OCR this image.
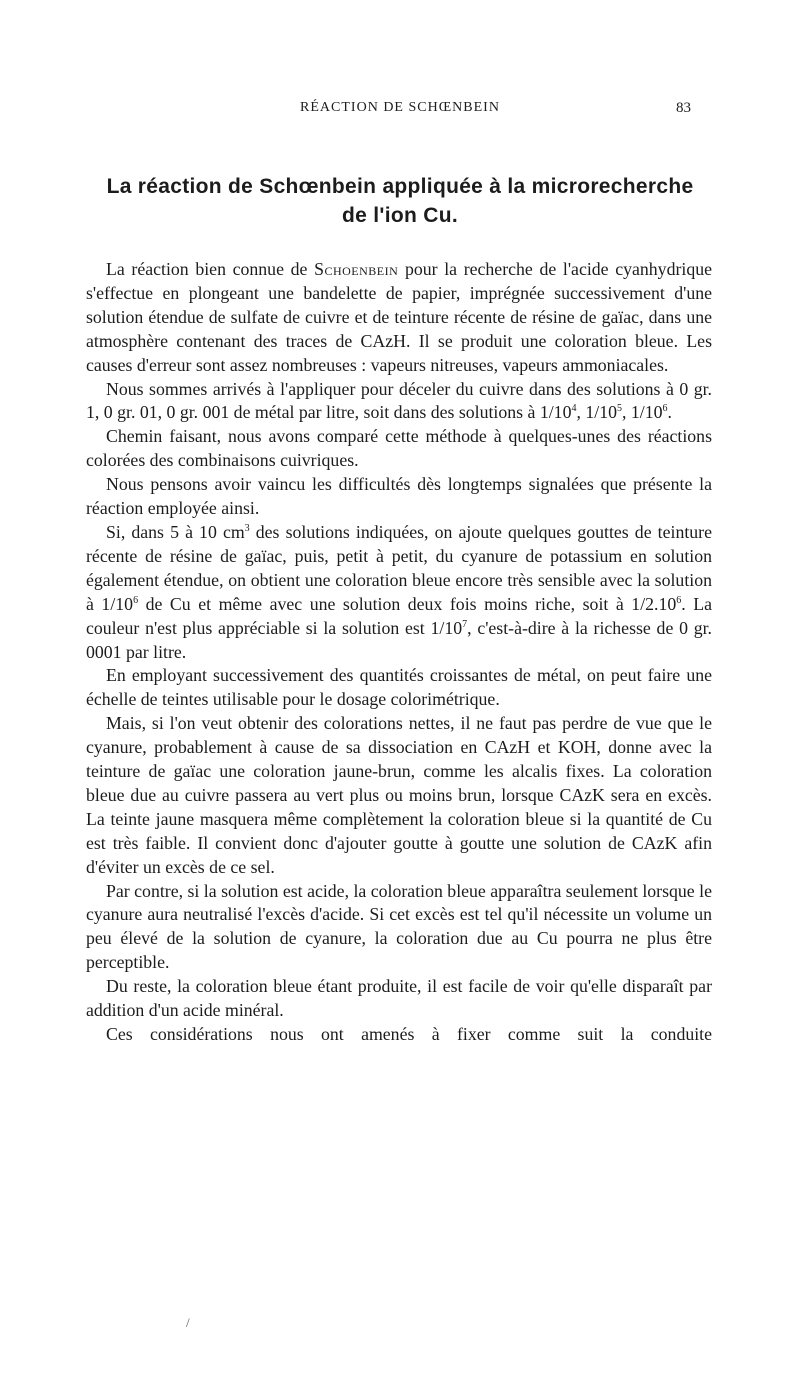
RÉACTION DE SCHŒNBEIN	83
La réaction de Schœnbein appliquée à la microrecherche
de l'ion Cu.

La réaction bien connue de Schoenbein pour la recherche de l'acide cyanhydrique s'effectue en plongeant une bandelette de papier, imprégnée successivement d'une solution étendue de sulfate de cuivre et de teinture récente de résine de gaïac, dans une atmosphère contenant des traces de CAzH. Il se produit une coloration bleue. Les causes d'erreur sont assez nombreuses : vapeurs nitreuses, vapeurs ammoniacales.

Nous sommes arrivés à l'appliquer pour déceler du cuivre dans des solutions à 0 gr. 1, 0 gr. 01, 0 gr. 001 de métal par litre, soit dans des solutions à $1/10^4$, $1/10^5$, $1/10^6$.

Chemin faisant, nous avons comparé cette méthode à quelques-unes des réactions colorées des combinaisons cuivriques.

Nous pensons avoir vaincu les difficultés dès longtemps signalées que présente la réaction employée ainsi.

Si, dans 5 à 10 $cm^3$ des solutions indiquées, on ajoute quelques gouttes de teinture récente de résine de gaïac, puis, petit à petit, du cyanure de potassium en solution également étendue, on obtient une coloration bleue encore très sensible avec la solution à $1/10^6$ de Cu et même avec une solution deux fois moins riche, soit à 1/2.10$^6$. La couleur n'est plus appréciable si la solution est $1/10^7$, c'est-à-dire à la richesse de 0 gr. 0001 par litre.

En employant successivement des quantités croissantes de métal, on peut faire une échelle de teintes utilisable pour le dosage colorimétrique.

Mais, si l'on veut obtenir des colorations nettes, il ne faut pas perdre de vue que le cyanure, probablement à cause de sa dissociation en CAzH et KOH, donne avec la teinture de gaïac une coloration jaune-brun, comme les alcalis fixes. La coloration bleue due au cuivre passera au vert plus ou moins brun, lorsque CAzK sera en excès. La teinte jaune masquera même complètement la coloration bleue si la quantité de Cu est très faible. Il convient donc d'ajouter goutte à goutte une solution de CAzK afin d'éviter un excès de ce sel.

Par contre, si la solution est acide, la coloration bleue apparaîtra seulement lorsque le cyanure aura neutralisé l'excès d'acide. Si cet excès est tel qu'il nécessite un volume un peu élevé de la solution de cyanure, la coloration due au Cu pourra ne plus être perceptible.

Du reste, la coloration bleue étant produite, il est facile de voir qu'elle disparaît par addition d'un acide minéral.

Ces considérations nous ont amenés à fixer comme suit la conduite

/
